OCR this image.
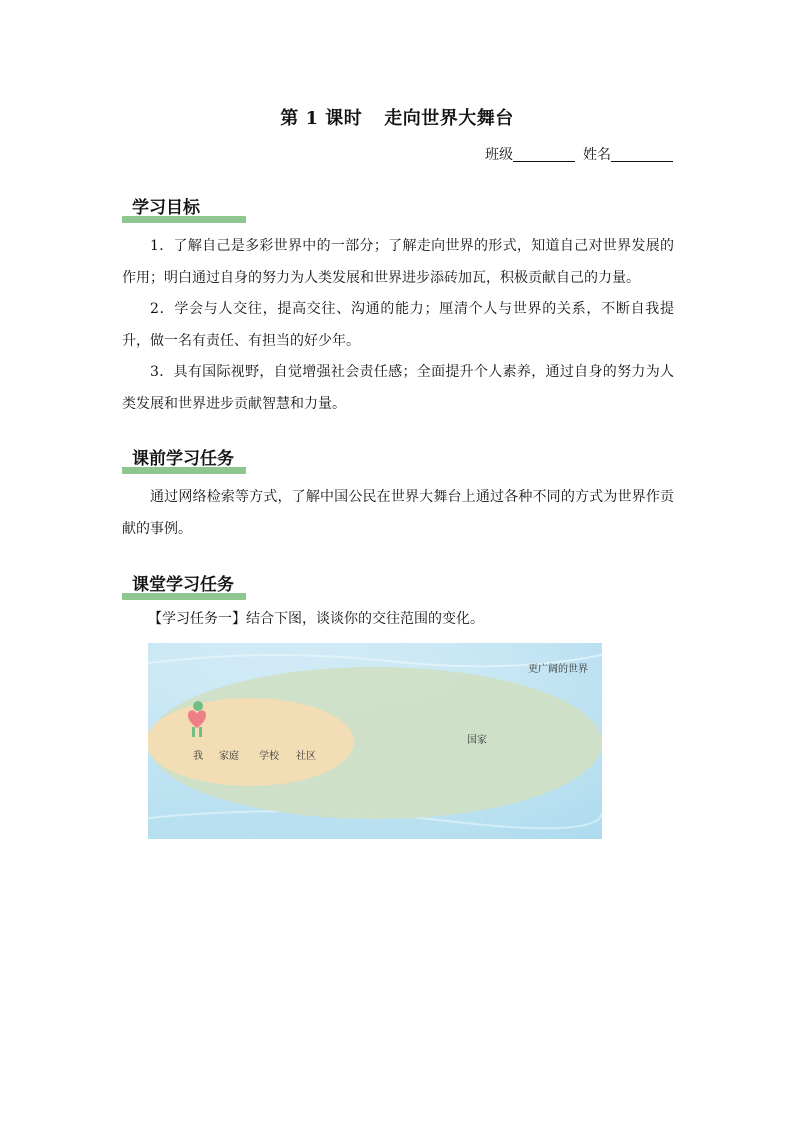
第 1 课时 走向世界大舞台
班级	姓名
学习目标
1．了解自己是多彩世界中的一部分；了解走向世界的形式，知道自己对世界发展的作用；明白通过自身的努力为人类发展和世界进步添砖加瓦，积极贡献自己的力量。
2．学会与人交往，提高交往、沟通的能力；厘清个人与世界的关系，不断自我提升，做一名有责任、有担当的好少年。
3．具有国际视野，自觉增强社会责任感；全面提升个人素养，通过自身的努力为人类发展和世界进步贡献智慧和力量。
课前学习任务
通过网络检索等方式，了解中国公民在世界大舞台上通过各种不同的方式为世界作贡献的事例。
课堂学习任务
【学习任务一】结合下图，谈谈你的交往范围的变化。
更广阔的世界
国家
我 家庭 学校 社区
